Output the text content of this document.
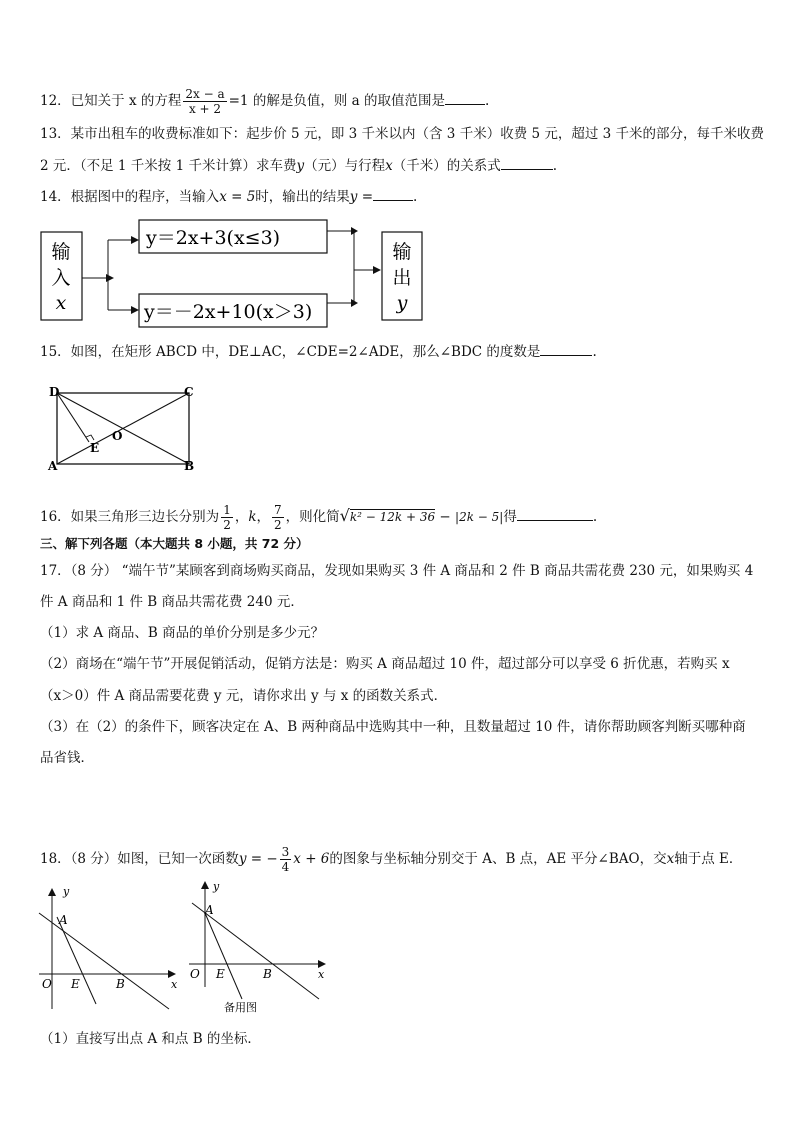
12．已知关于 x 的方程 $\frac{2x - a}{x + 2} =1$ 的解是负值，则 a 的取值范围是	.
13．某市出租车的收费标准如下：起步价 5 元，即 3 千米以内（含 3 千米）收费 5 元，超过 3 千米的部分，每千米收费
2 元．（不足 1 千米按 1 千米计算）求车费y（元）与行程x（千米）的关系式	.
14．根据图中的程序，当输入x = 5时，输出的结果y =	.
输
入
x
y＝2x+3(x≤3)
y＝－2x+10(x＞3)
输
出
y
15．如图，在矩形 ABCD 中，DE⊥AC，∠CDE=2∠ADE，那么∠BDC 的度数是	.
D	C
A	B
E
O
16．如果三角形三边长分别为 $\frac{1}{2}$ ，k， $\frac{7}{2}$ ，则化简√k² − 12k + 36 − |2k − 5|得	.
三、解下列各题（本大题共 8 小题，共 72 分）
17．（8 分） “端午节”某顾客到商场购买商品，发现如果购买 3 件 A 商品和 2 件 B 商品共需花费 230 元，如果购买 4
件 A 商品和 1 件 B 商品共需花费 240 元．
（1）求 A 商品、B 商品的单价分别是多少元？
（2）商场在“端午节”开展促销活动，促销方法是：购买 A 商品超过 10 件，超过部分可以享受 6 折优惠，若购买 x
（x＞0）件 A 商品需要花费 y 元，请你求出 y 与 x 的函数关系式．
（3）在（2）的条件下，顾客决定在 A、B 两种商品中选购其中一种，且数量超过 10 件，请你帮助顾客判断买哪种商
品省钱．
18．（8 分）如图，已知一次函数y = − $\frac{3}{4}$ x + 6的图象与坐标轴分别交于 A、B 点，AE 平分∠BAO，交x轴于点 E．
y
A
O E	B	x
y
A
O E	B	x
备用图
（1）直接写出点 A 和点 B 的坐标．
